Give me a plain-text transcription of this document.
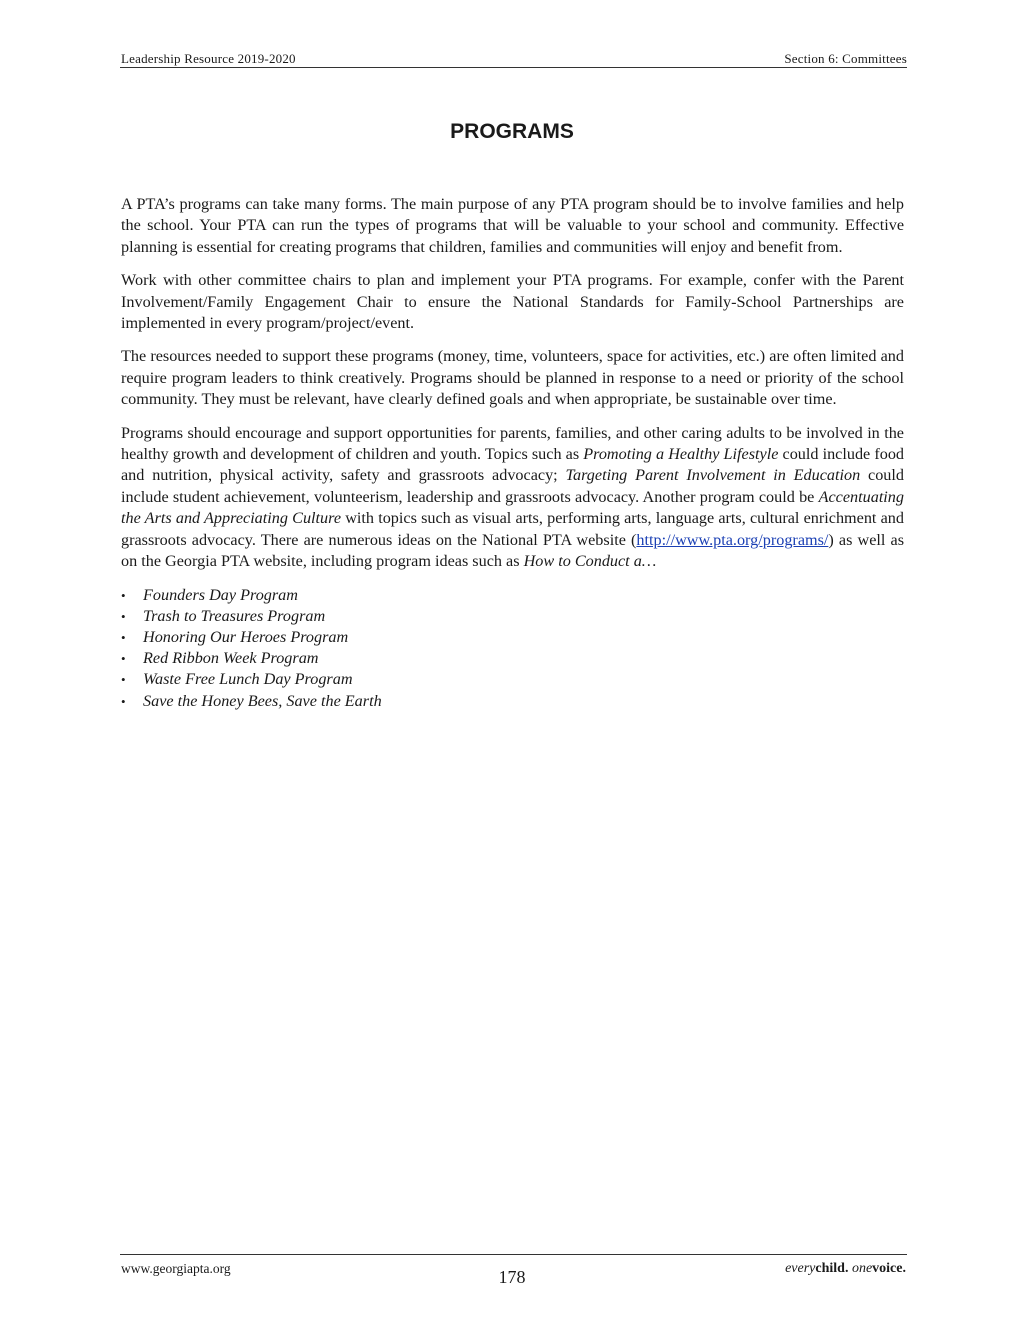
Leadership Resource 2019-2020	Section 6: Committees
PROGRAMS

A PTA’s programs can take many forms. The main purpose of any PTA program should be to involve families and help the school. Your PTA can run the types of programs that will be valuable to your school and community. Effective planning is essential for creating programs that children, families and communities will enjoy and benefit from.

Work with other committee chairs to plan and implement your PTA programs. For example, confer with the Parent Involvement/Family Engagement Chair to ensure the National Standards for Family-School Partnerships are implemented in every program/project/event.

The resources needed to support these programs (money, time, volunteers, space for activities, etc.) are often limited and require program leaders to think creatively. Programs should be planned in response to a need or priority of the school community. They must be relevant, have clearly defined goals and when appropriate, be sustainable over time.

Programs should encourage and support opportunities for parents, families, and other caring adults to be involved in the healthy growth and development of children and youth. Topics such as Promoting a Healthy Lifestyle could include food and nutrition, physical activity, safety and grassroots advocacy; Targeting Parent Involvement in Education could include student achievement, volunteerism, leadership and grassroots advocacy. Another program could be Accentuating the Arts and Appreciating Culture with topics such as visual arts, performing arts, language arts, cultural enrichment and grassroots advocacy. There are numerous ideas on the National PTA website (http://www.pta.org/programs/) as well as on the Georgia PTA website, including program ideas such as How to Conduct a…

•	Founders Day Program
•	Trash to Treasures Program
•	Honoring Our Heroes Program
•	Red Ribbon Week Program
•	Waste Free Lunch Day Program
•	Save the Honey Bees, Save the Earth
www.georgiapta.org	178	everychild. onevoice.
